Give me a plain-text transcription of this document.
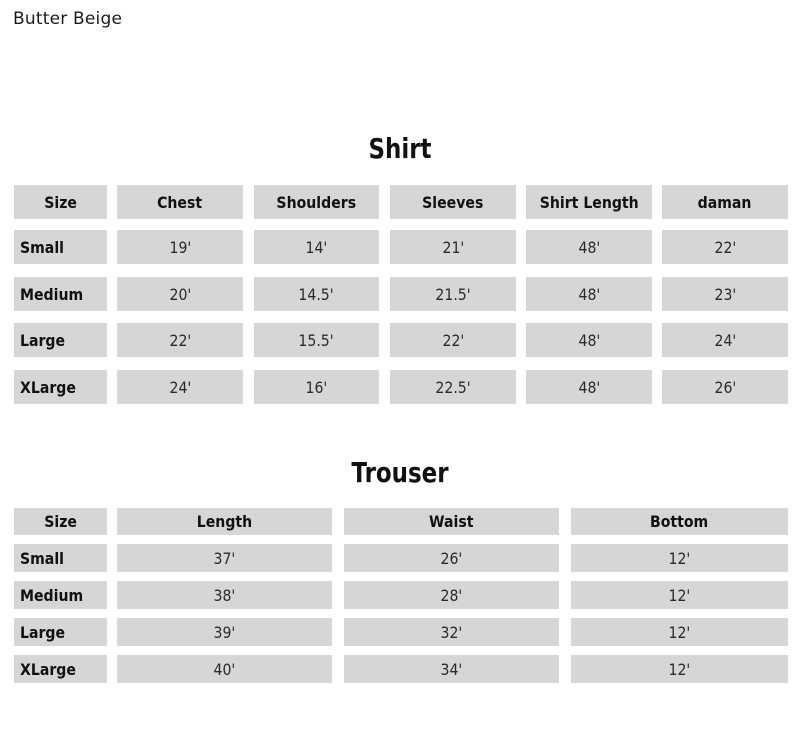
Butter Beige
Shirt
Trouser
Size	Chest	Shoulders	Sleeves	Shirt Length	daman
Small	19'	14'	21'	48'	22'
Medium	20'	14.5'	21.5'	48'	23'
Large	22'	15.5'	22'	48'	24'
XLarge	24'	16'	22.5'	48'	26'
Size	Length	Waist	Bottom
Small	37'	26'	12'
Medium	38'	28'	12'
Large	39'	32'	12'
XLarge	40'	34'	12'
